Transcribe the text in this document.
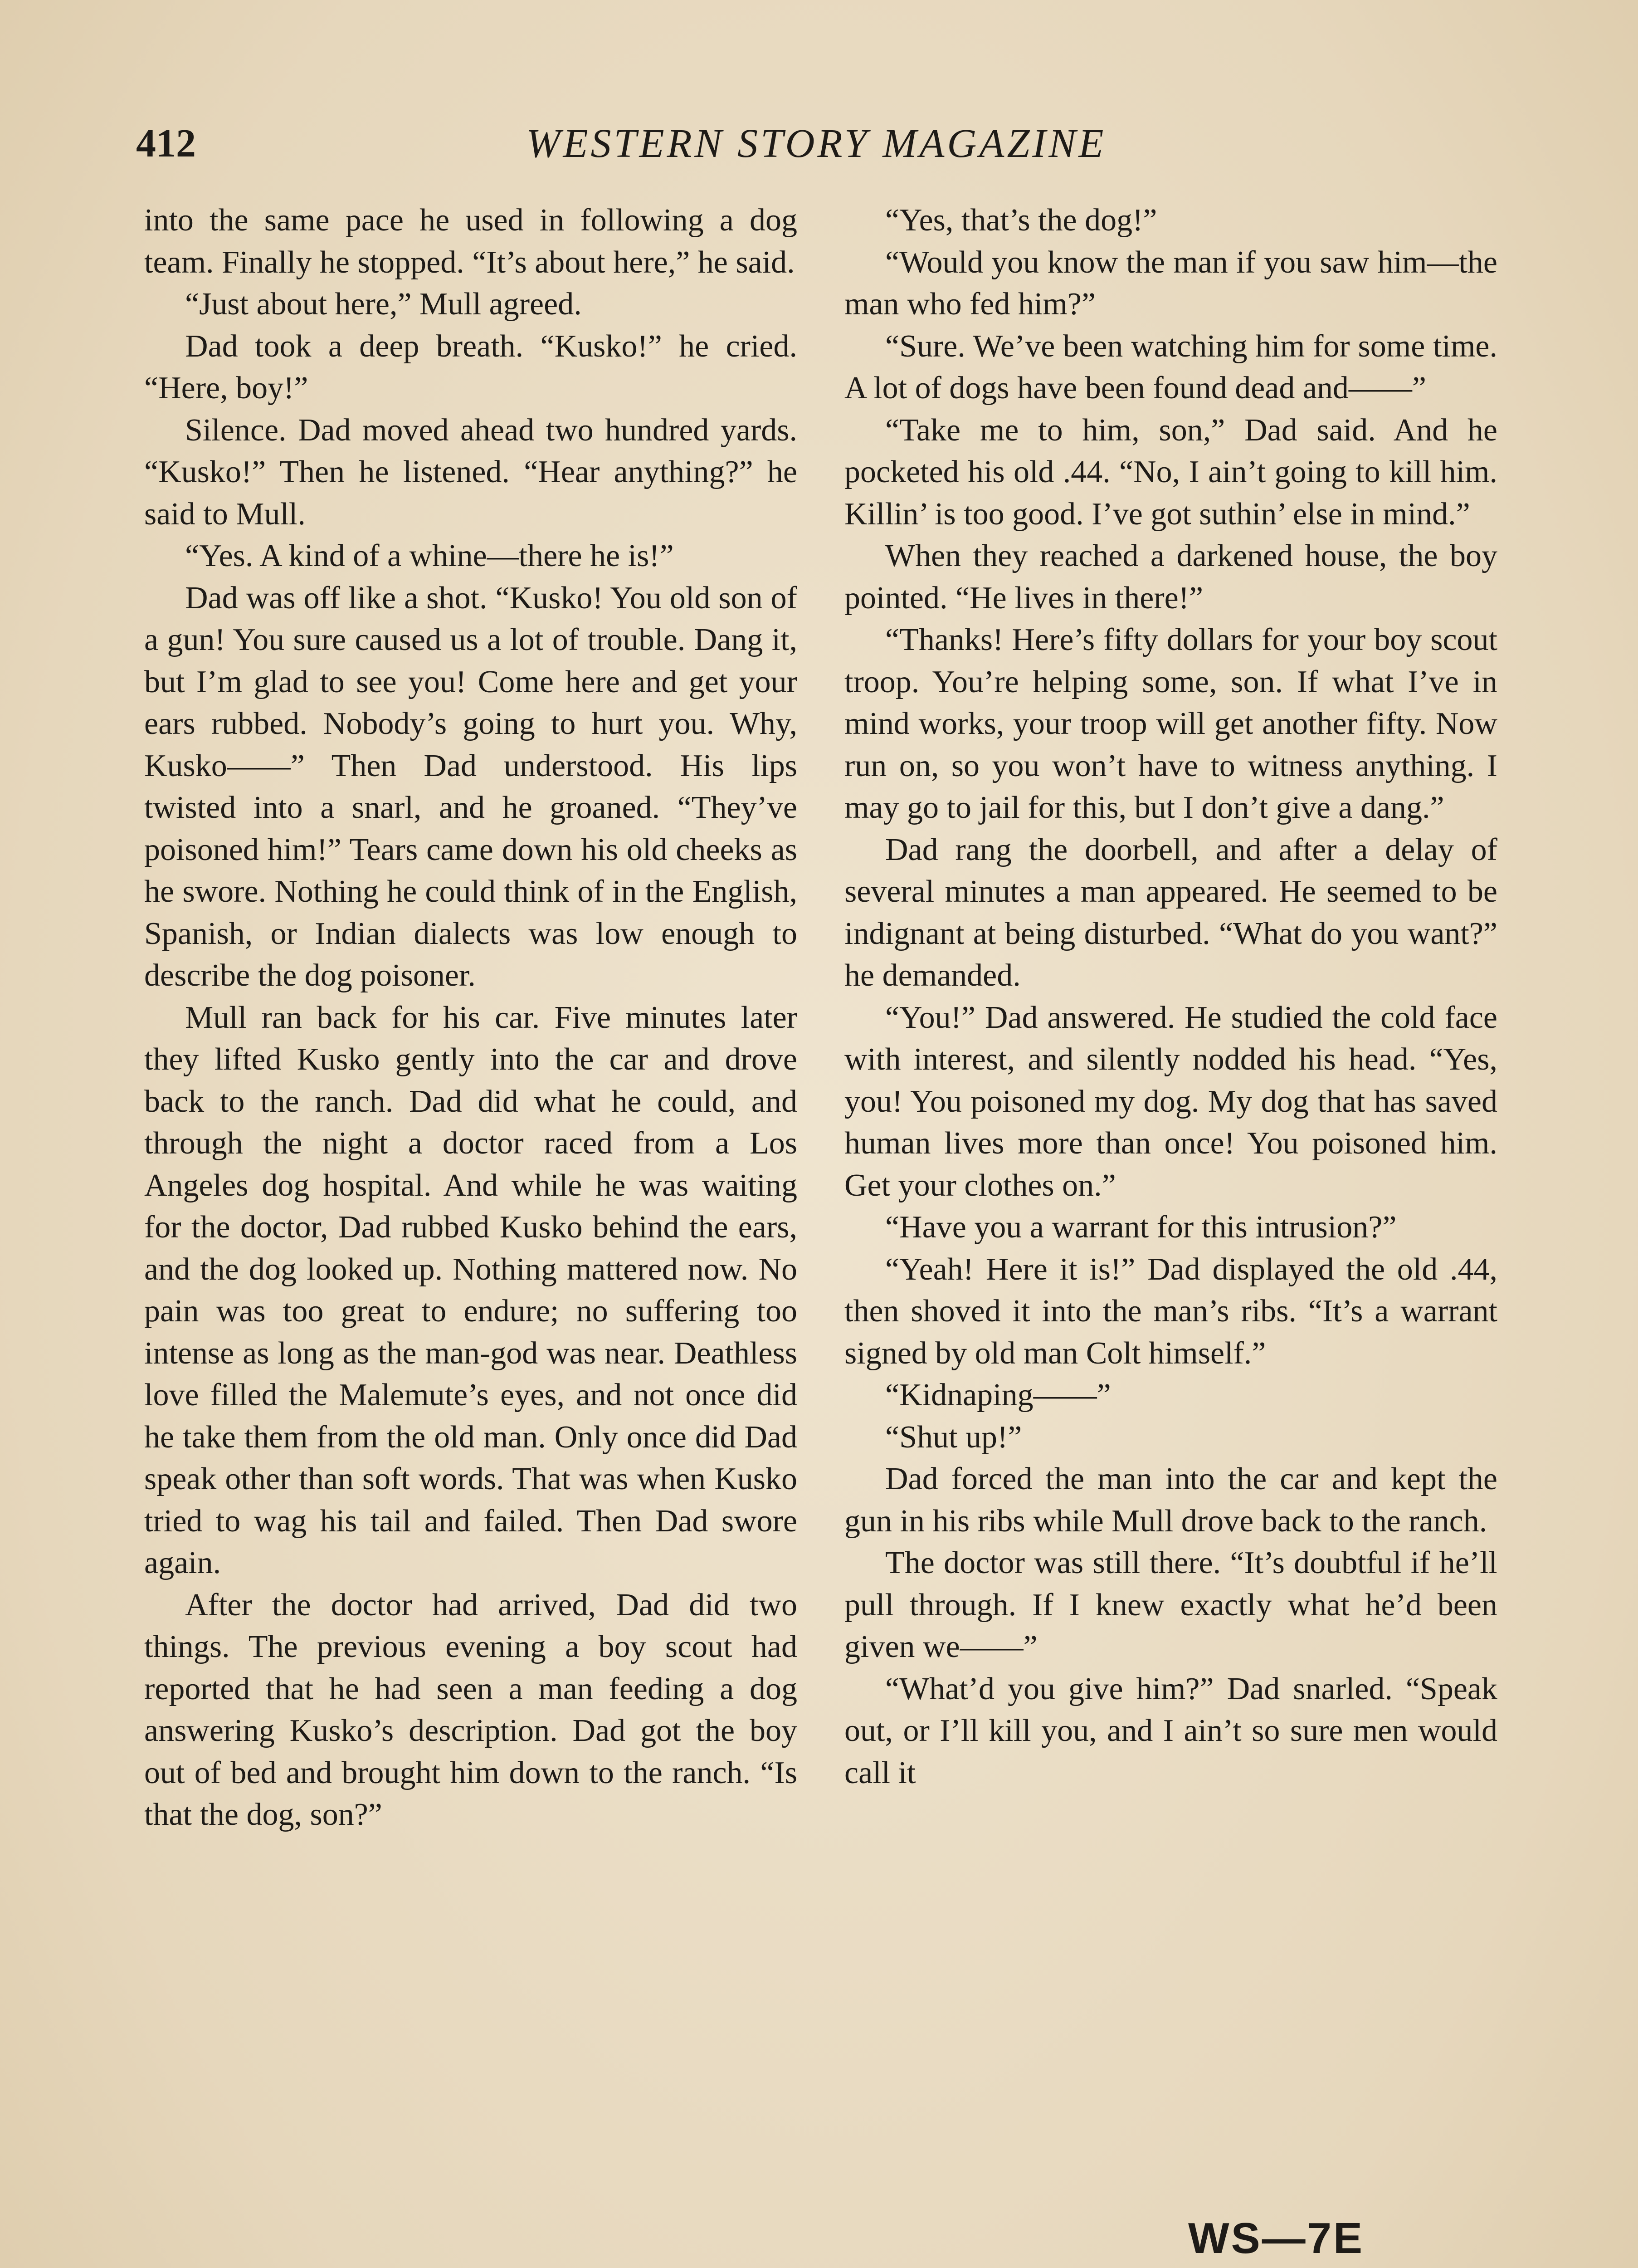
412	WESTERN STORY MAGAZINE

into the same pace he used in following a dog team. Finally he stopped. “It’s about here,” he said.

“Just about here,” Mull agreed.

Dad took a deep breath. “Kusko!” he cried. “Here, boy!”

Silence. Dad moved ahead two hundred yards. “Kusko!” Then he listened. “Hear anything?” he said to Mull.

“Yes. A kind of a whine—there he is!”

Dad was off like a shot. “Kusko! You old son of a gun! You sure caused us a lot of trouble. Dang it, but I’m glad to see you! Come here and get your ears rubbed. Nobody’s going to hurt you. Why, Kusko——” Then Dad understood. His lips twisted into a snarl, and he groaned. “They’ve poisoned him!” Tears came down his old cheeks as he swore. Nothing he could think of in the English, Spanish, or Indian dialects was low enough to describe the dog poisoner.

Mull ran back for his car. Five minutes later they lifted Kusko gently into the car and drove back to the ranch. Dad did what he could, and through the night a doctor raced from a Los Angeles dog hospital. And while he was waiting for the doctor, Dad rubbed Kusko behind the ears, and the dog looked up. Nothing mattered now. No pain was too great to endure; no suffering too intense as long as the man-god was near. Deathless love filled the Malemute’s eyes, and not once did he take them from the old man. Only once did Dad speak other than soft words. That was when Kusko tried to wag his tail and failed. Then Dad swore again.

After the doctor had arrived, Dad did two things. The previous evening a boy scout had reported that he had seen a man feeding a dog answering Kusko’s description. Dad got the boy out of bed and brought him down to the ranch. “Is that the dog, son?”

“Yes, that’s the dog!”

“Would you know the man if you saw him—the man who fed him?”

“Sure. We’ve been watching him for some time. A lot of dogs have been found dead and——”

“Take me to him, son,” Dad said. And he pocketed his old .44. “No, I ain’t going to kill him. Killin’ is too good. I’ve got suthin’ else in mind.”

When they reached a darkened house, the boy pointed. “He lives in there!”

“Thanks! Here’s fifty dollars for your boy scout troop. You’re helping some, son. If what I’ve in mind works, your troop will get another fifty. Now run on, so you won’t have to witness anything. I may go to jail for this, but I don’t give a dang.”

Dad rang the doorbell, and after a delay of several minutes a man appeared. He seemed to be indignant at being disturbed. “What do you want?” he demanded.

“You!” Dad answered. He studied the cold face with interest, and silently nodded his head. “Yes, you! You poisoned my dog. My dog that has saved human lives more than once! You poisoned him. Get your clothes on.”

“Have you a warrant for this intrusion?”

“Yeah! Here it is!” Dad displayed the old .44, then shoved it into the man’s ribs. “It’s a warrant signed by old man Colt himself.”

“Kidnaping——”

“Shut up!”

Dad forced the man into the car and kept the gun in his ribs while Mull drove back to the ranch.

The doctor was still there. “It’s doubtful if he’ll pull through. If I knew exactly what he’d been given we——”

“What’d you give him?” Dad snarled. “Speak out, or I’ll kill you, and I ain’t so sure men would call it

WS—7E
